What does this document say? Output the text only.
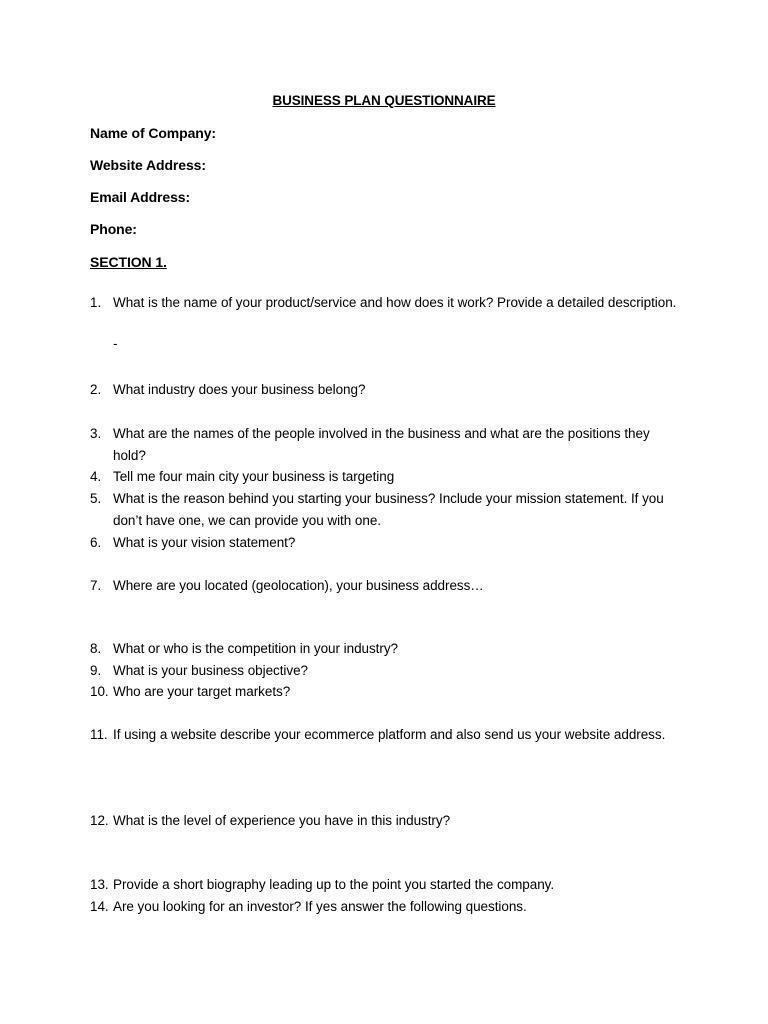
BUSINESS PLAN QUESTIONNAIRE
Name of Company:
Website Address:
Email Address:
Phone:
SECTION 1.
1. What is the name of your product/service and how does it work? Provide a detailed description.
-
2. What industry does your business belong?
3. What are the names of the people involved in the business and what are the positions they hold?
4. Tell me four main city your business is targeting
5. What is the reason behind you starting your business? Include your mission statement. If you don’t have one, we can provide you with one.
6. What is your vision statement?
7. Where are you located (geolocation), your business address…
8. What or who is the competition in your industry?
9. What is your business objective?
10. Who are your target markets?
11. If using a website describe your ecommerce platform and also send us your website address.
12. What is the level of experience you have in this industry?
13. Provide a short biography leading up to the point you started the company.
14. Are you looking for an investor? If yes answer the following questions.
